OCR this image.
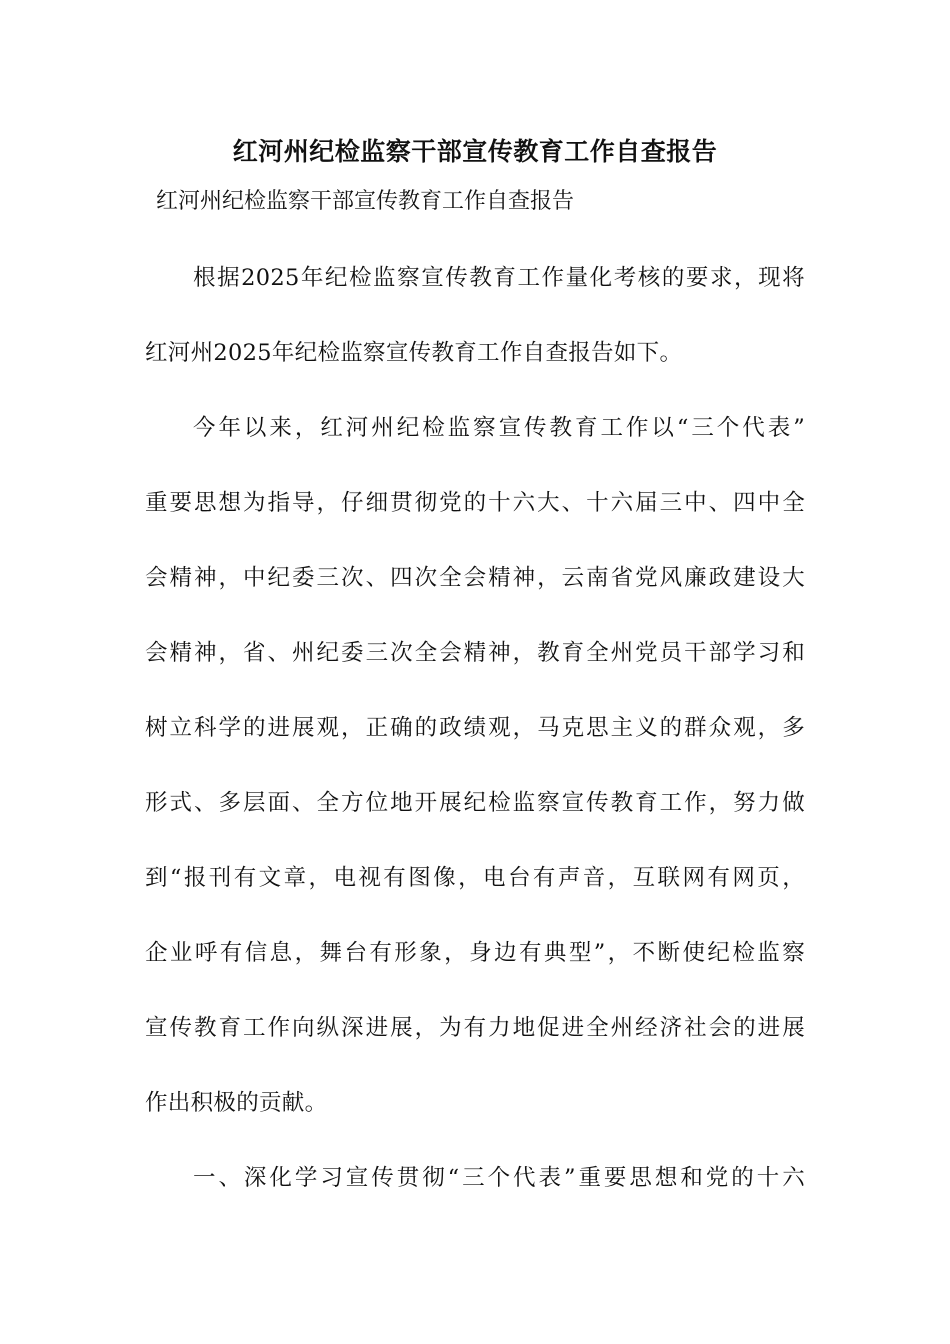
红河州纪检监察干部宣传教育工作自查报告
红河州纪检监察干部宣传教育工作自查报告
根据2025年纪检监察宣传教育工作量化考核的要求，现将
红河州2025年纪检监察宣传教育工作自查报告如下。
今年以来，红河州纪检监察宣传教育工作以“三个代表”
重要思想为指导，仔细贯彻党的十六大、十六届三中、四中全
会精神，中纪委三次、四次全会精神，云南省党风廉政建设大
会精神，省、州纪委三次全会精神，教育全州党员干部学习和
树立科学的进展观，正确的政绩观，马克思主义的群众观，多
形式、多层面、全方位地开展纪检监察宣传教育工作，努力做
到“报刊有文章，电视有图像，电台有声音，互联网有网页，
企业呼有信息，舞台有形象，身边有典型”，不断使纪检监察
宣传教育工作向纵深进展，为有力地促进全州经济社会的进展
作出积极的贡献。
一、深化学习宣传贯彻“三个代表”重要思想和党的十六
